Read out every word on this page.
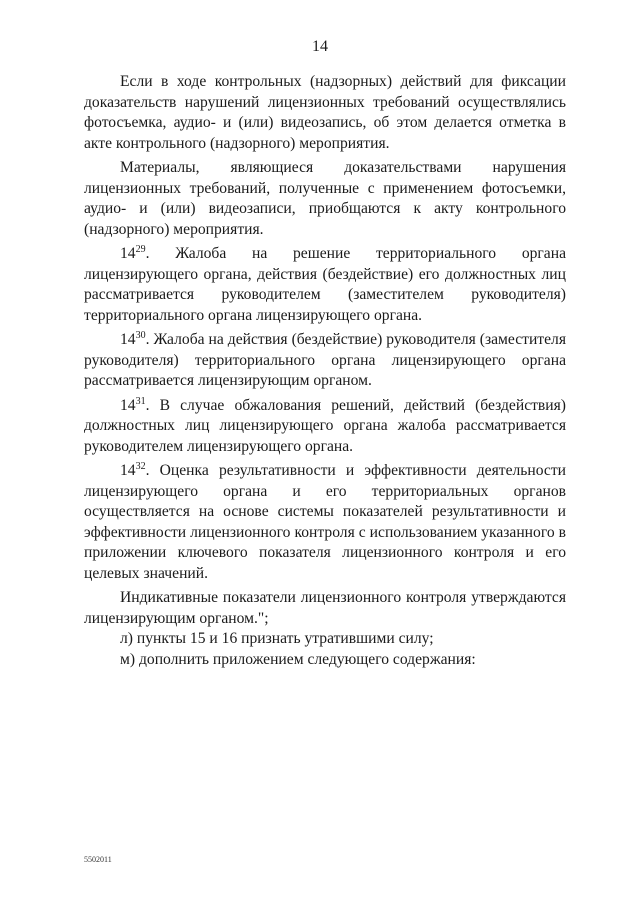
14

Если в ходе контрольных (надзорных) действий для фиксации доказательств нарушений лицензионных требований осуществлялись фотосъемка, аудио- и (или) видеозапись, об этом делается отметка в акте контрольного (надзорного) мероприятия.

Материалы, являющиеся доказательствами нарушения лицензионных требований, полученные с применением фотосъемки, аудио- и (или) видеозаписи, приобщаются к акту контрольного (надзорного) мероприятия.

$14^{29}$. Жалоба на решение территориального органа лицензирующего органа, действия (бездействие) его должностных лиц рассматривается руководителем (заместителем руководителя) территориального органа лицензирующего органа.

$14^{30}$. Жалоба на действия (бездействие) руководителя (заместителя руководителя) территориального органа лицензирующего органа рассматривается лицензирующим органом.

$14^{31}$. В случае обжалования решений, действий (бездействия) должностных лиц лицензирующего органа жалоба рассматривается руководителем лицензирующего органа.

$14^{32}$. Оценка результативности и эффективности деятельности лицензирующего органа и его территориальных органов осуществляется на основе системы показателей результативности и эффективности лицензионного контроля с использованием указанного в приложении ключевого показателя лицензионного контроля и его целевых значений.

Индикативные показатели лицензионного контроля утверждаются лицензирующим органом.";

л) пункты 15 и 16 признать утратившими силу;

м) дополнить приложением следующего содержания:

5502011
